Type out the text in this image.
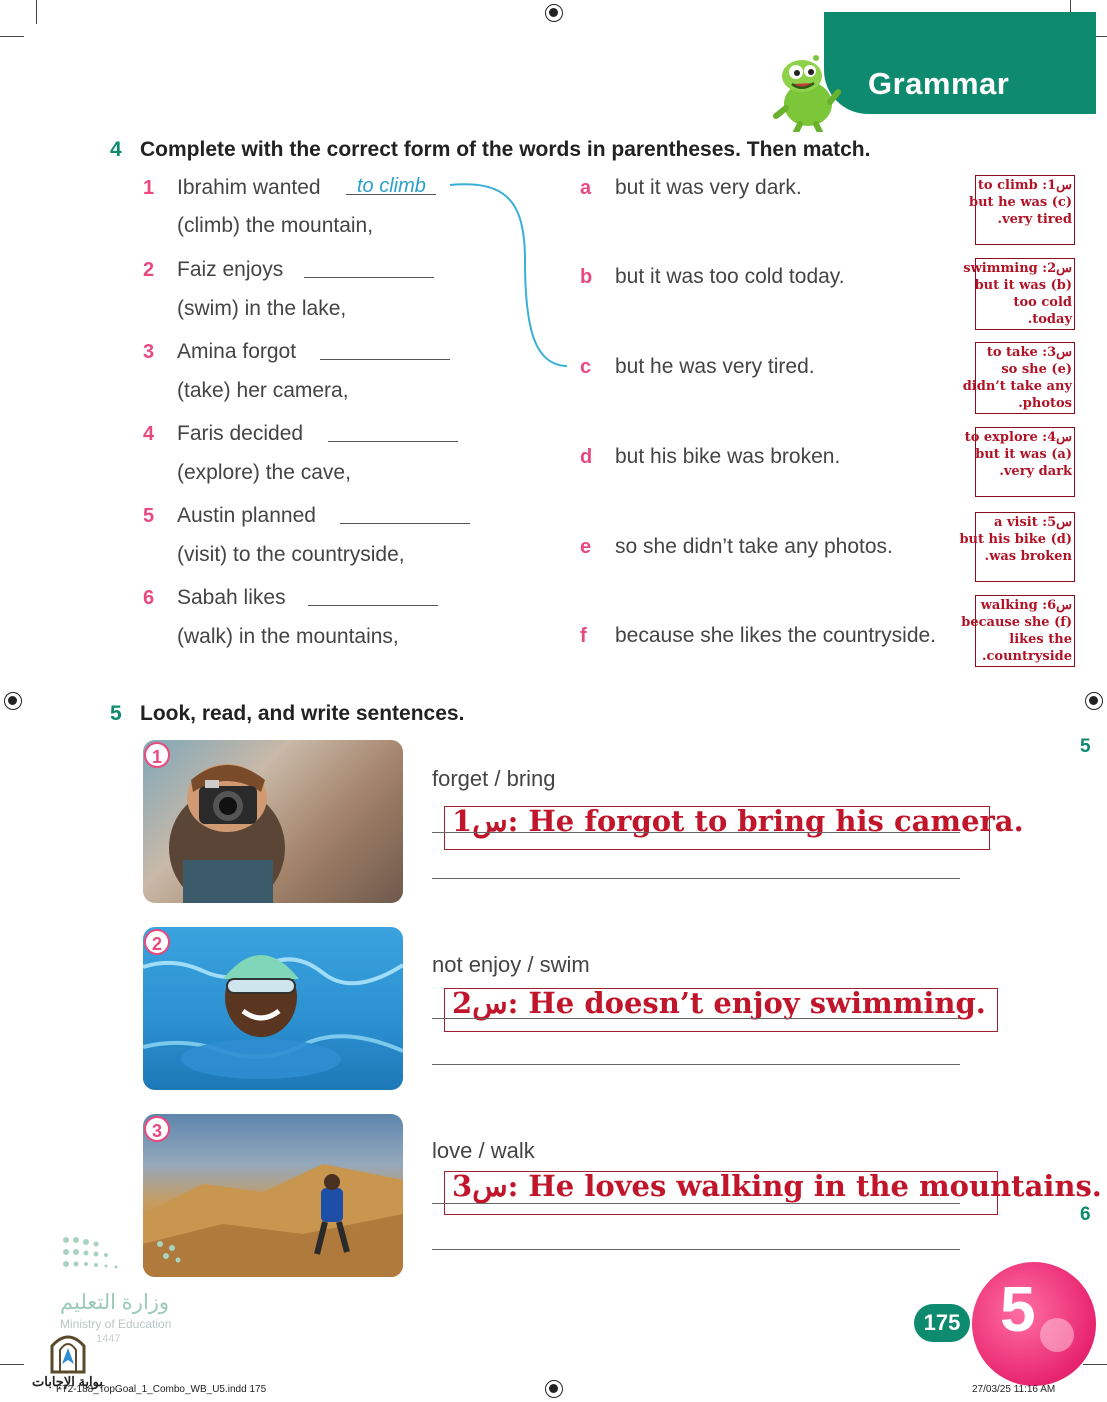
Grammar
4 Complete with the correct form of the words in parentheses. Then match.
1 Ibrahim wanted to climb
(climb) the mountain,
2 Faiz enjoys
(swim) in the lake,
3 Amina forgot
(take) her camera,
4 Faris decided
(explore) the cave,
5 Austin planned
(visit) to the countryside,
6 Sabah likes
(walk) in the mountains,
a but it was very dark.
b but it was too cold today.
c but he was very tired.
d but his bike was broken.
e so she didn’t take any photos.
f because she likes the countryside.
س1: to climb
but he was (c)
very tired.
س2: swimming
but it was (b)
too cold
today.
س3: to take
so she (e)
didn’t take any
photos.
س4: to explore
but it was (a)
very dark.
س5: a visit
but his bike (d)
was broken.
س6: walking
because she (f)
likes the
countryside.
5 Look, read, and write sentences.
1
2
3
forget / bring
س1: He forgot to bring his camera.
not enjoy / swim
س2: He doesn’t enjoy swimming.
love / walk
س3: He loves walking in the mountains.
5
6
وزارة التعليم
Ministry of Education
1447
بوابة الإجابات
175 5
F72-188_TopGoal_1_Combo_WB_U5.indd 175	27/03/25 11:16 AM
